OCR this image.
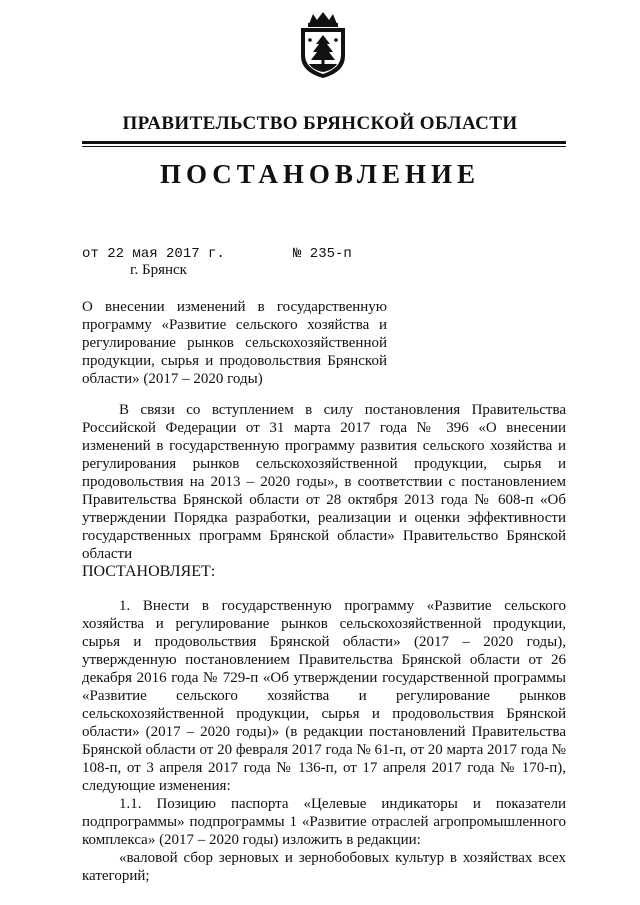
ПРАВИТЕЛЬСТВО БРЯНСКОЙ ОБЛАСТИ
ПОСТАНОВЛЕНИЕ
от 22 мая 2017 г.	№ 235-п
г. Брянск
О внесении изменений в государственную программу «Развитие сельского хозяйства и регулирование рынков сельскохозяйственной продукции, сырья и продовольствия Брянской области» (2017 – 2020 годы)

В связи со вступлением в силу постановления Правительства Российской Федерации от 31 марта 2017 года № 396 «О внесении изменений в государственную программу развития сельского хозяйства и регулирования рынков сельскохозяйственной продукции, сырья и продовольствия на 2013 – 2020 годы», в соответствии с постановлением Правительства Брянской области от 28 октября 2013 года № 608-п «Об утверждении Порядка разработки, реализации и оценки эффективности государственных программ Брянской области» Правительство Брянской области

ПОСТАНОВЛЯЕТ:

1. Внести в государственную программу «Развитие сельского хозяйства и регулирование рынков сельскохозяйственной продукции, сырья и продовольствия Брянской области» (2017 – 2020 годы), утвержденную постановлением Правительства Брянской области от 26 декабря 2016 года № 729-п «Об утверждении государственной программы «Развитие сельского хозяйства и регулирование рынков сельскохозяйственной продукции, сырья и продовольствия Брянской области» (2017 – 2020 годы)» (в редакции постановлений Правительства Брянской области от 20 февраля 2017 года № 61-п, от 20 марта 2017 года № 108-п, от 3 апреля 2017 года № 136-п, от 17 апреля 2017 года № 170-п), следующие изменения:

1.1. Позицию паспорта «Целевые индикаторы и показатели подпрограммы» подпрограммы 1 «Развитие отраслей агропромышленного комплекса» (2017 – 2020 годы) изложить в редакции:

«валовой сбор зерновых и зернобобовых культур в хозяйствах всех категорий;
